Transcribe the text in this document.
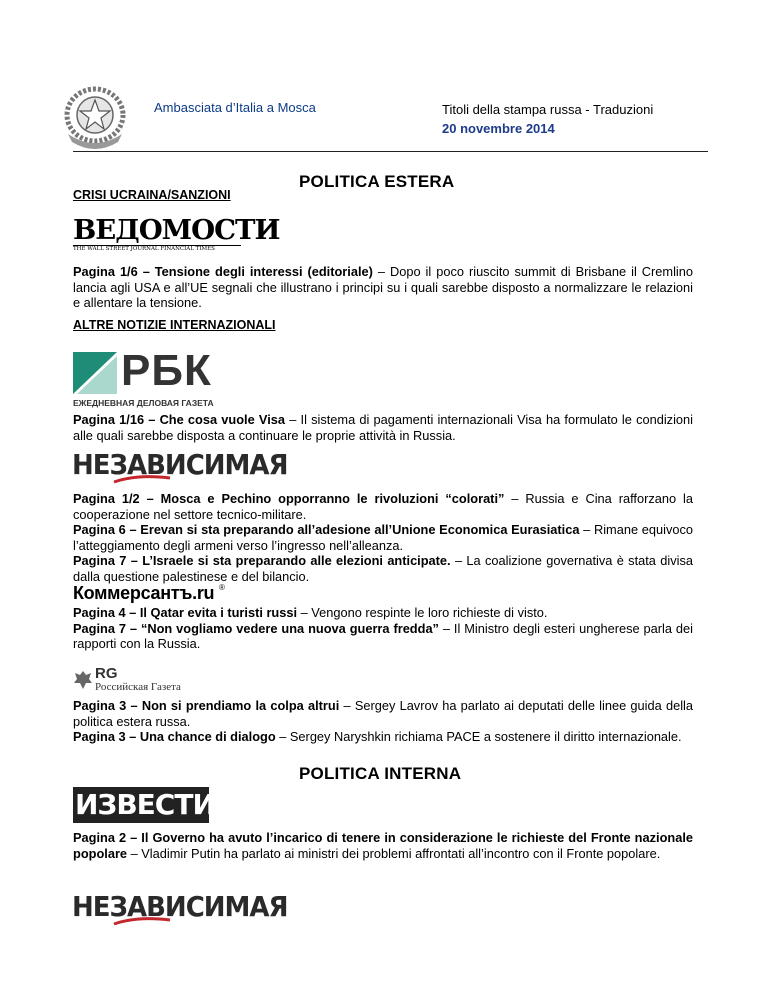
Ambasciata d’Italia a Mosca	Titoli della stampa russa - Traduzioni
20 novembre 2014
POLITICA ESTERA
CRISI UCRAINA/SANZIONI
ВЕДОМОСТИ
THE WALL STREET JOURNAL FINANCIAL TIMES
Pagina 1/6 – Tensione degli interessi (editoriale) – Dopo il poco riuscito summit di Brisbane il Cremlino lancia agli USA e all’UE segnali che illustrano i principi su i quali sarebbe disposto a normalizzare le relazioni e allentare la tensione.
ALTRE NOTIZIE INTERNAZIONALI
РБК
ЕЖЕДНЕВНАЯ ДЕЛОВАЯ ГАЗЕТА
Pagina 1/16 – Che cosa vuole Visa – Il sistema di pagamenti internazionali Visa ha formulato le condizioni alle quali sarebbe disposta a continuare le proprie attività in Russia.
НЕЗАВИСИМАЯ
Pagina 1/2 – Mosca e Pechino opporranno le rivoluzioni “colorati” – Russia e Cina rafforzano la cooperazione nel settore tecnico-militare.
Pagina 6 – Erevan si sta preparando all’adesione all’Unione Economica Eurasiatica – Rimane equivoco l’atteggiamento degli armeni verso l’ingresso nell’alleanza.
Pagina 7 – L’Israele si sta preparando alle elezioni anticipate. – La coalizione governativa è stata divisa dalla questione palestinese e del bilancio.
Коммерсантъ.ru ®
Pagina 4 – Il Qatar evita i turisti russi – Vengono respinte le loro richieste di visto.
Pagina 7 – “Non vogliamo vedere una nuova guerra fredda” – Il Ministro degli esteri ungherese parla dei rapporti con la Russia.
RG
Российская Газета
Pagina 3 – Non si prendiamo la colpa altrui – Sergey Lavrov ha parlato ai deputati delle linee guida della politica estera russa.
Pagina 3 – Una chance di dialogo – Sergey Naryshkin richiama PACE a sostenere il diritto internazionale.
POLITICA INTERNA
ИЗВЕСТИЯ
Pagina 2 – Il Governo ha avuto l’incarico di tenere in considerazione le richieste del Fronte nazionale popolare – Vladimir Putin ha parlato ai ministri dei problemi affrontati all’incontro con il Fronte popolare.
НЕЗАВИСИМАЯ
